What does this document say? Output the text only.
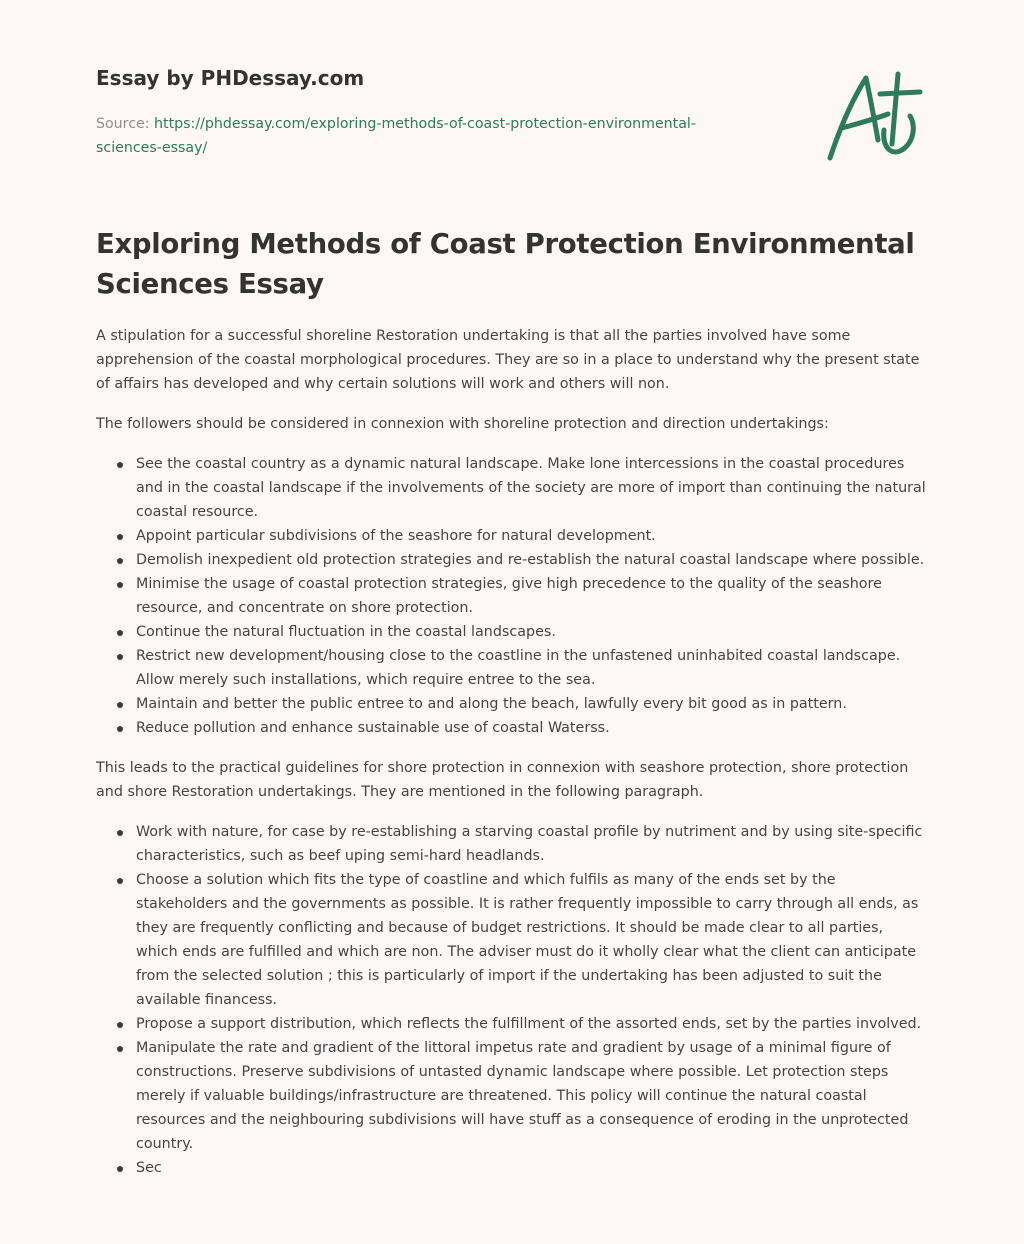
Essay by PHDessay.com
Source: https://phdessay.com/exploring-methods-of-coast-protection-environmental-sciences-essay/
Exploring Methods of Coast Protection Environmental Sciences Essay

A stipulation for a successful shoreline Restoration undertaking is that all the parties involved have some apprehension of the coastal morphological procedures. They are so in a place to understand why the present state of affairs has developed and why certain solutions will work and others will non.

The followers should be considered in connexion with shoreline protection and direction undertakings:

See the coastal country as a dynamic natural landscape. Make lone intercessions in the coastal procedures and in the coastal landscape if the involvements of the society are more of import than continuing the natural coastal resource.
Appoint particular subdivisions of the seashore for natural development.
Demolish inexpedient old protection strategies and re-establish the natural coastal landscape where possible.
Minimise the usage of coastal protection strategies, give high precedence to the quality of the seashore resource, and concentrate on shore protection.
Continue the natural fluctuation in the coastal landscapes.
Restrict new development/housing close to the coastline in the unfastened uninhabited coastal landscape. Allow merely such installations, which require entree to the sea.
Maintain and better the public entree to and along the beach, lawfully every bit good as in pattern.
Reduce pollution and enhance sustainable use of coastal Waterss.

This leads to the practical guidelines for shore protection in connexion with seashore protection, shore protection and shore Restoration undertakings. They are mentioned in the following paragraph.

Work with nature, for case by re-establishing a starving coastal profile by nutriment and by using site-specific characteristics, such as beef uping semi-hard headlands.
Choose a solution which fits the type of coastline and which fulfils as many of the ends set by the stakeholders and the governments as possible. It is rather frequently impossible to carry through all ends, as they are frequently conflicting and because of budget restrictions. It should be made clear to all parties, which ends are fulfilled and which are non. The adviser must do it wholly clear what the client can anticipate from the selected solution ; this is particularly of import if the undertaking has been adjusted to suit the available financess.
Propose a support distribution, which reflects the fulfillment of the assorted ends, set by the parties involved.
Manipulate the rate and gradient of the littoral impetus rate and gradient by usage of a minimal figure of constructions. Preserve subdivisions of untasted dynamic landscape where possible. Let protection steps merely if valuable buildings/infrastructure are threatened. This policy will continue the natural coastal resources and the neighbouring subdivisions will have stuff as a consequence of eroding in the unprotected country.
Sec
